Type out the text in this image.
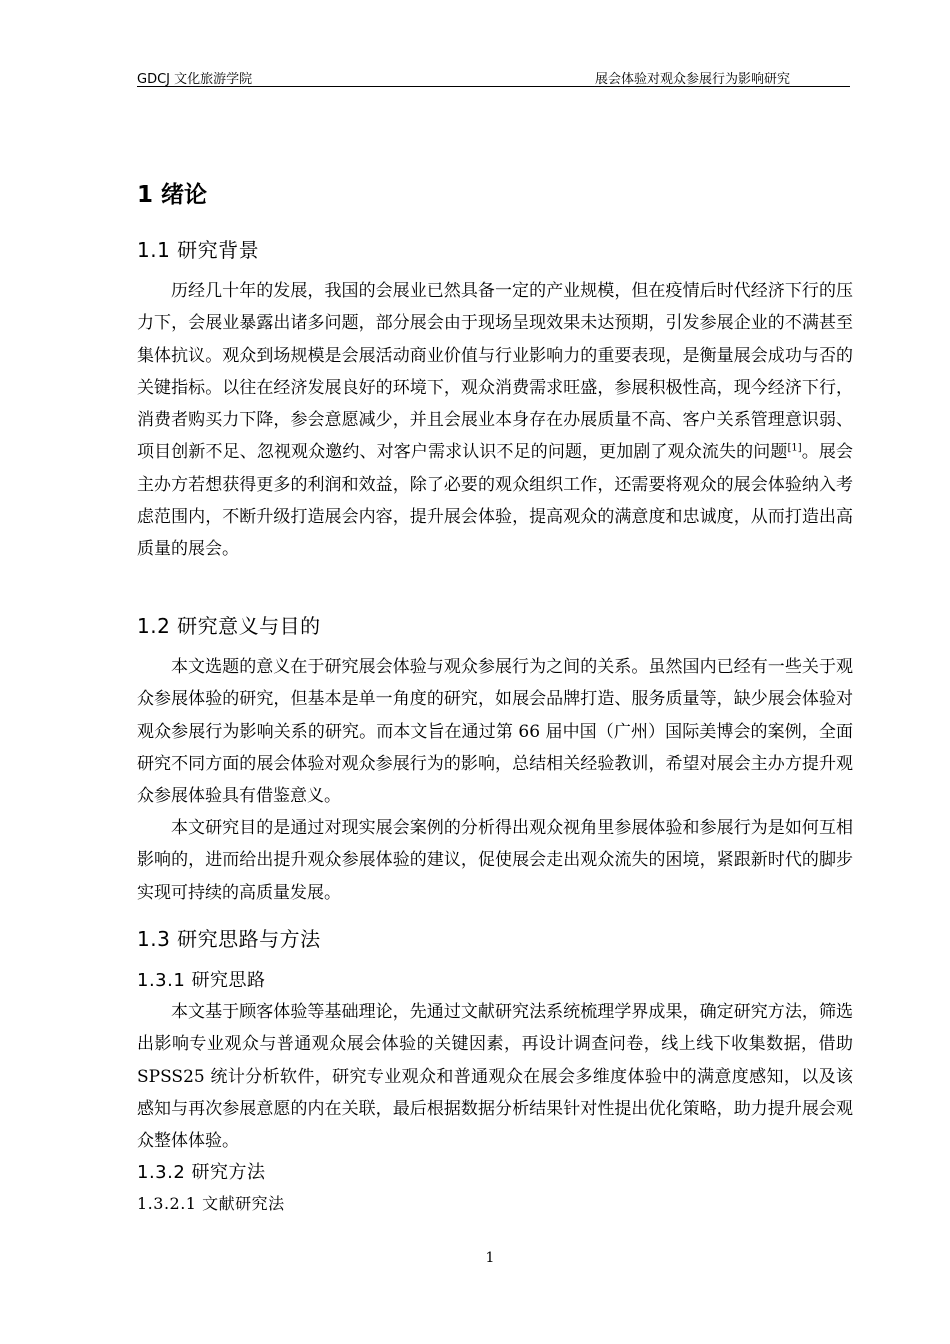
GDCJ 文化旅游学院	展会体验对观众参展行为影响研究
1 绪论
1.1 研究背景
历经几十年的发展，我国的会展业已然具备一定的产业规模，但在疫情后时代经济下行的压力下，会展业暴露出诸多问题，部分展会由于现场呈现效果未达预期，引发参展企业的不满甚至集体抗议。观众到场规模是会展活动商业价值与行业影响力的重要表现，是衡量展会成功与否的关键指标。以往在经济发展良好的环境下，观众消费需求旺盛，参展积极性高，现今经济下行，消费者购买力下降，参会意愿减少，并且会展业本身存在办展质量不高、客户关系管理意识弱、项目创新不足、忽视观众邀约、对客户需求认识不足的问题，更加剧了观众流失的问题[1]。展会主办方若想获得更多的利润和效益，除了必要的观众组织工作，还需要将观众的展会体验纳入考虑范围内，不断升级打造展会内容，提升展会体验，提高观众的满意度和忠诚度，从而打造出高质量的展会。
1.2 研究意义与目的
本文选题的意义在于研究展会体验与观众参展行为之间的关系。虽然国内已经有一些关于观众参展体验的研究，但基本是单一角度的研究，如展会品牌打造、服务质量等，缺少展会体验对观众参展行为影响关系的研究。而本文旨在通过第 66 届中国（广州）国际美博会的案例，全面研究不同方面的展会体验对观众参展行为的影响，总结相关经验教训，希望对展会主办方提升观众参展体验具有借鉴意义。
本文研究目的是通过对现实展会案例的分析得出观众视角里参展体验和参展行为是如何互相影响的，进而给出提升观众参展体验的建议，促使展会走出观众流失的困境，紧跟新时代的脚步实现可持续的高质量发展。
1.3 研究思路与方法
1.3.1 研究思路
本文基于顾客体验等基础理论，先通过文献研究法系统梳理学界成果，确定研究方法，筛选出影响专业观众与普通观众展会体验的关键因素，再设计调查问卷，线上线下收集数据，借助 SPSS25 统计分析软件，研究专业观众和普通观众在展会多维度体验中的满意度感知，以及该感知与再次参展意愿的内在关联，最后根据数据分析结果针对性提出优化策略，助力提升展会观众整体体验。
1.3.2 研究方法
1.3.2.1 文献研究法
1
